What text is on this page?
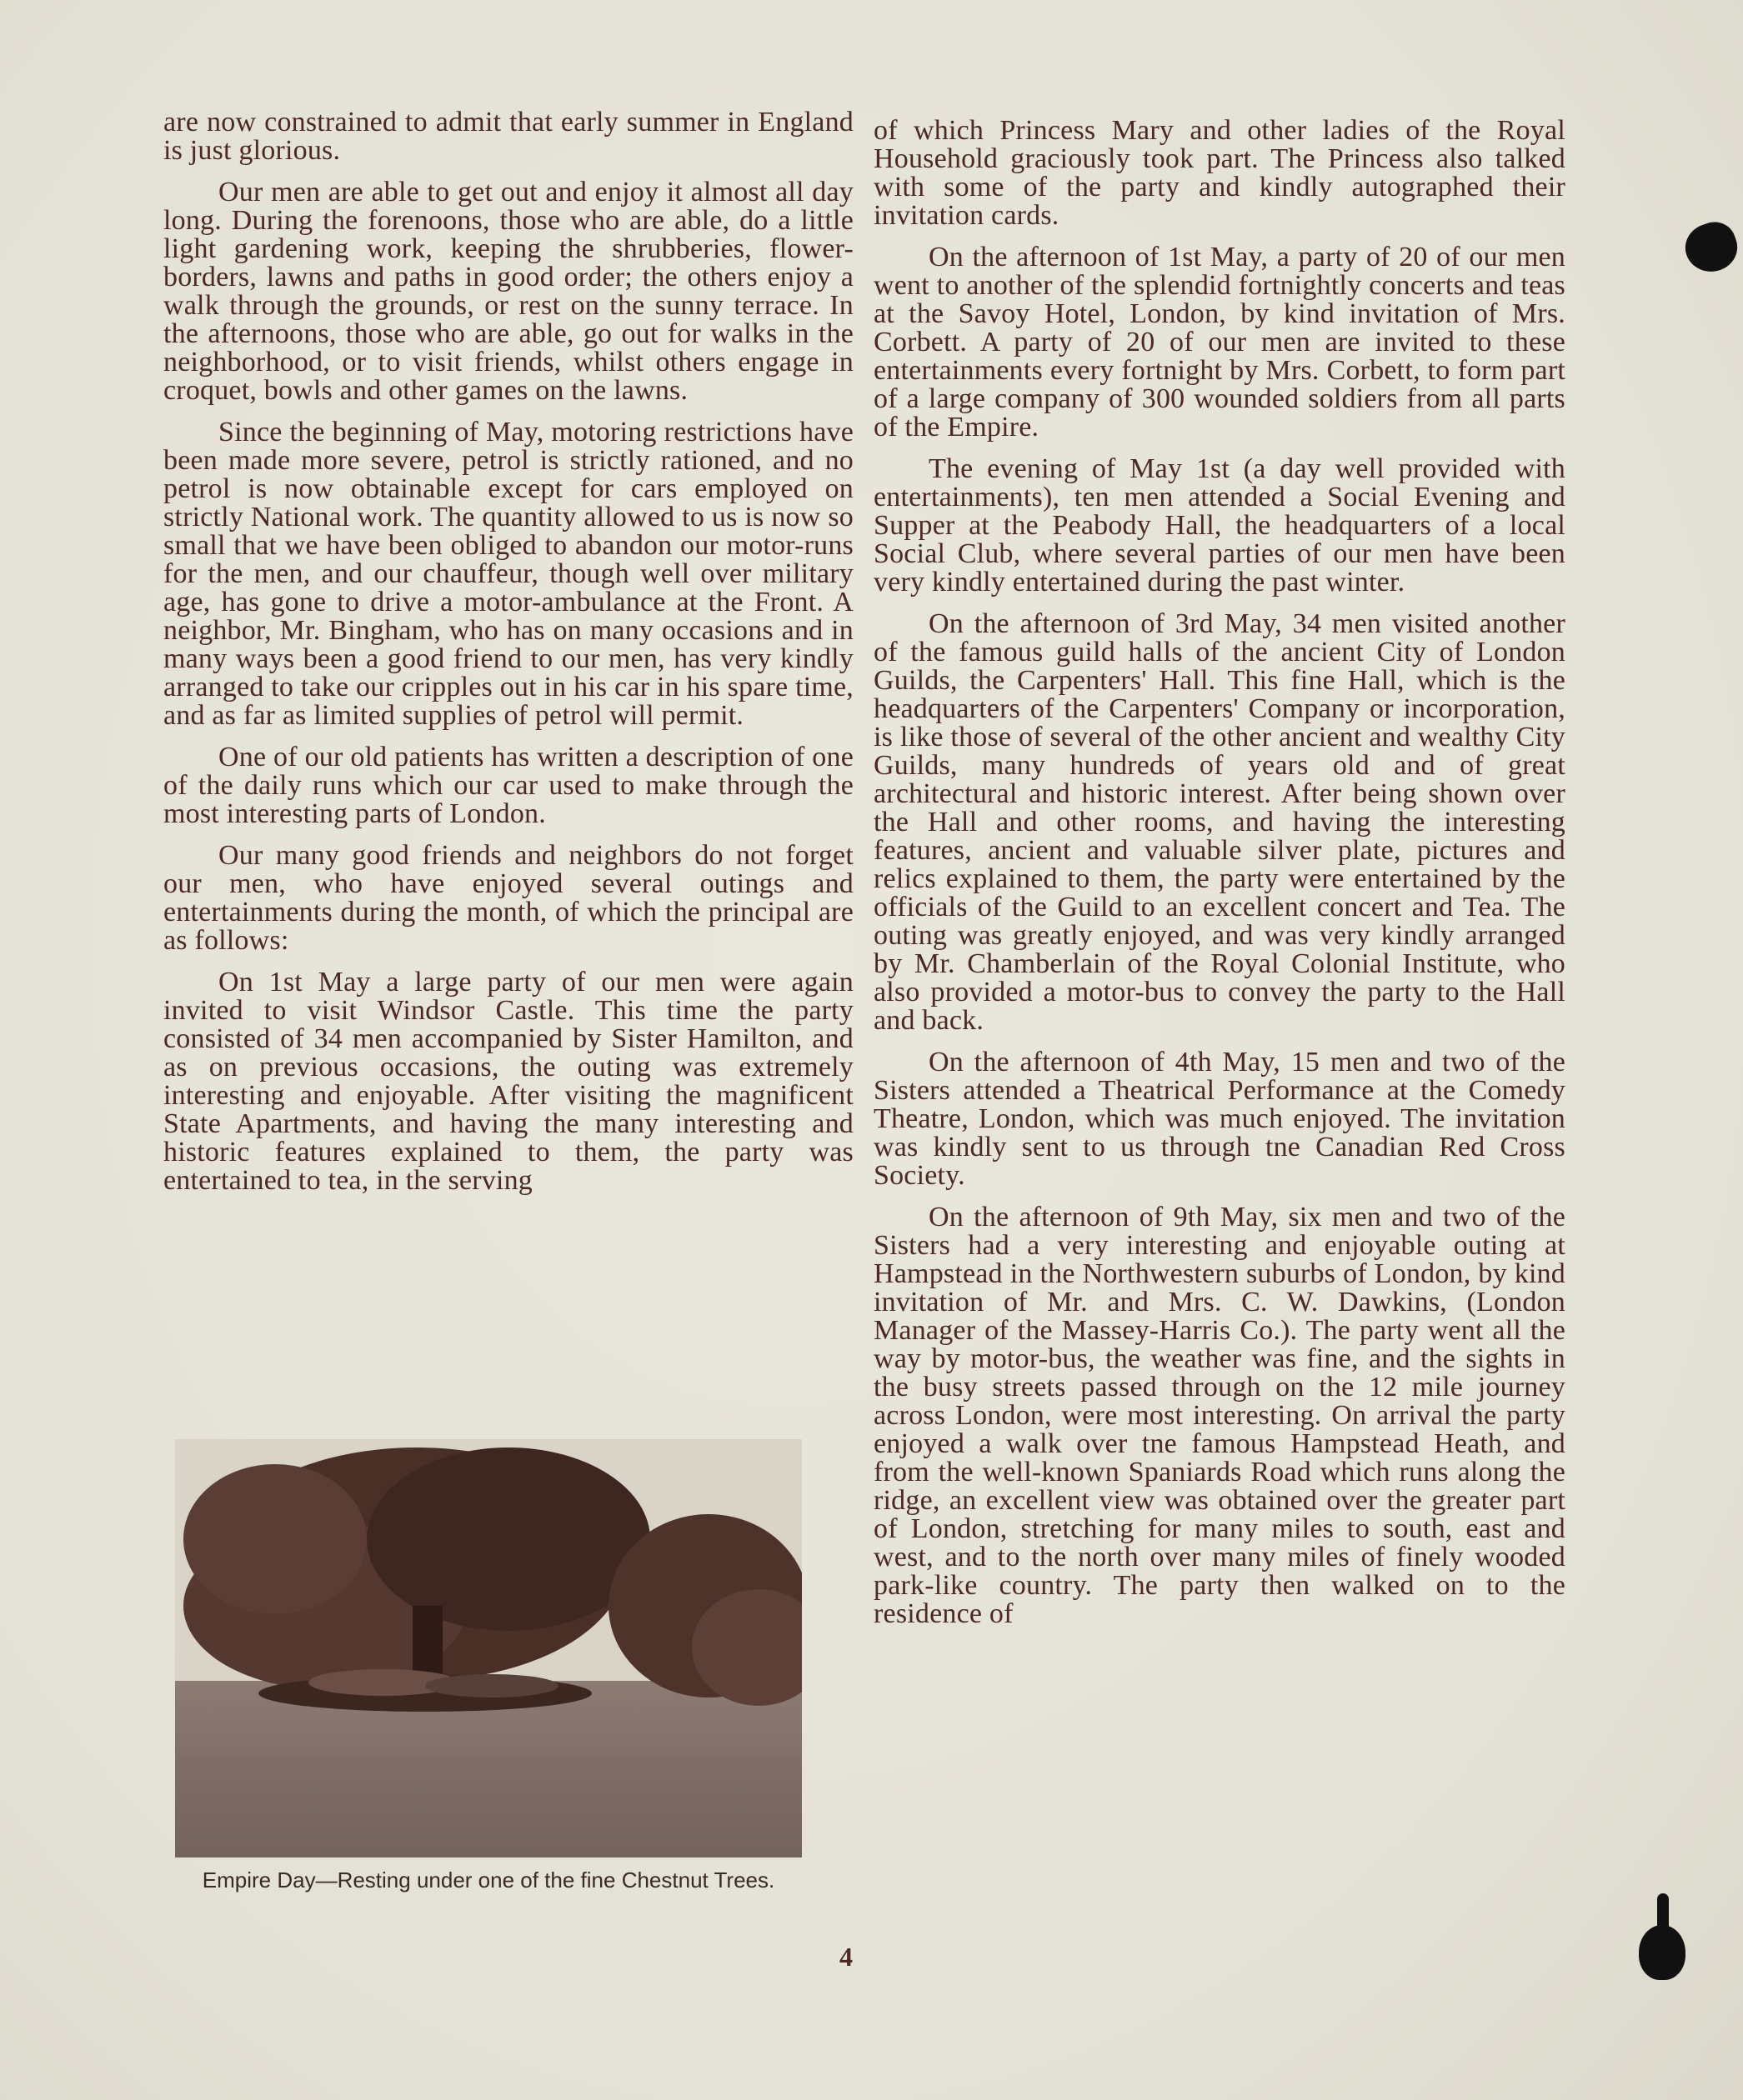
are now constrained to admit that early summer in England is just glorious.

Our men are able to get out and enjoy it almost all day long. During the forenoons, those who are able, do a little light gardening work, keeping the shrubberies, flower-borders, lawns and paths in good order; the others enjoy a walk through the grounds, or rest on the sunny terrace. In the afternoons, those who are able, go out for walks in the neighborhood, or to visit friends, whilst others engage in croquet, bowls and other games on the lawns.

Since the beginning of May, motoring restrictions have been made more severe, petrol is strictly rationed, and no petrol is now obtainable except for cars employed on strictly National work. The quantity allowed to us is now so small that we have been obliged to abandon our motor-runs for the men, and our chauffeur, though well over military age, has gone to drive a motor-ambulance at the Front. A neighbor, Mr. Bingham, who has on many occasions and in many ways been a good friend to our men, has very kindly arranged to take our cripples out in his car in his spare time, and as far as limited supplies of petrol will permit.

One of our old patients has written a description of one of the daily runs which our car used to make through the most interesting parts of London.

Our many good friends and neighbors do not forget our men, who have enjoyed several outings and entertainments during the month, of which the principal are as follows:

On 1st May a large party of our men were again invited to visit Windsor Castle. This time the party consisted of 34 men accompanied by Sister Hamilton, and as on previous occasions, the outing was extremely interesting and enjoyable. After visiting the magnificent State Apartments, and having the many interesting and historic features explained to them, the party was entertained to tea, in the serving

Empire Day—Resting under one of the fine Chestnut Trees.

of which Princess Mary and other ladies of the Royal Household graciously took part. The Princess also talked with some of the party and kindly autographed their invitation cards.

On the afternoon of 1st May, a party of 20 of our men went to another of the splendid fortnightly concerts and teas at the Savoy Hotel, London, by kind invitation of Mrs. Corbett. A party of 20 of our men are invited to these entertainments every fortnight by Mrs. Corbett, to form part of a large company of 300 wounded soldiers from all parts of the Empire.

The evening of May 1st (a day well provided with entertainments), ten men attended a Social Evening and Supper at the Peabody Hall, the headquarters of a local Social Club, where several parties of our men have been very kindly entertained during the past winter.

On the afternoon of 3rd May, 34 men visited another of the famous guild halls of the ancient City of London Guilds, the Carpenters' Hall. This fine Hall, which is the headquarters of the Carpenters' Company or incorporation, is like those of several of the other ancient and wealthy City Guilds, many hundreds of years old and of great architectural and historic interest. After being shown over the Hall and other rooms, and having the interesting features, ancient and valuable silver plate, pictures and relics explained to them, the party were entertained by the officials of the Guild to an excellent concert and Tea. The outing was greatly enjoyed, and was very kindly arranged by Mr. Chamberlain of the Royal Colonial Institute, who also provided a motor-bus to convey the party to the Hall and back.

On the afternoon of 4th May, 15 men and two of the Sisters attended a Theatrical Performance at the Comedy Theatre, London, which was much enjoyed. The invitation was kindly sent to us through tne Canadian Red Cross Society.

On the afternoon of 9th May, six men and two of the Sisters had a very interesting and enjoyable outing at Hampstead in the Northwestern suburbs of London, by kind invitation of Mr. and Mrs. C. W. Dawkins, (London Manager of the Massey-Harris Co.). The party went all the way by motor-bus, the weather was fine, and the sights in the busy streets passed through on the 12 mile journey across London, were most interesting. On arrival the party enjoyed a walk over tne famous Hampstead Heath, and from the well-known Spaniards Road which runs along the ridge, an excellent view was obtained over the greater part of London, stretching for many miles to south, east and west, and to the north over many miles of finely wooded park-like country. The party then walked on to the residence of

4
